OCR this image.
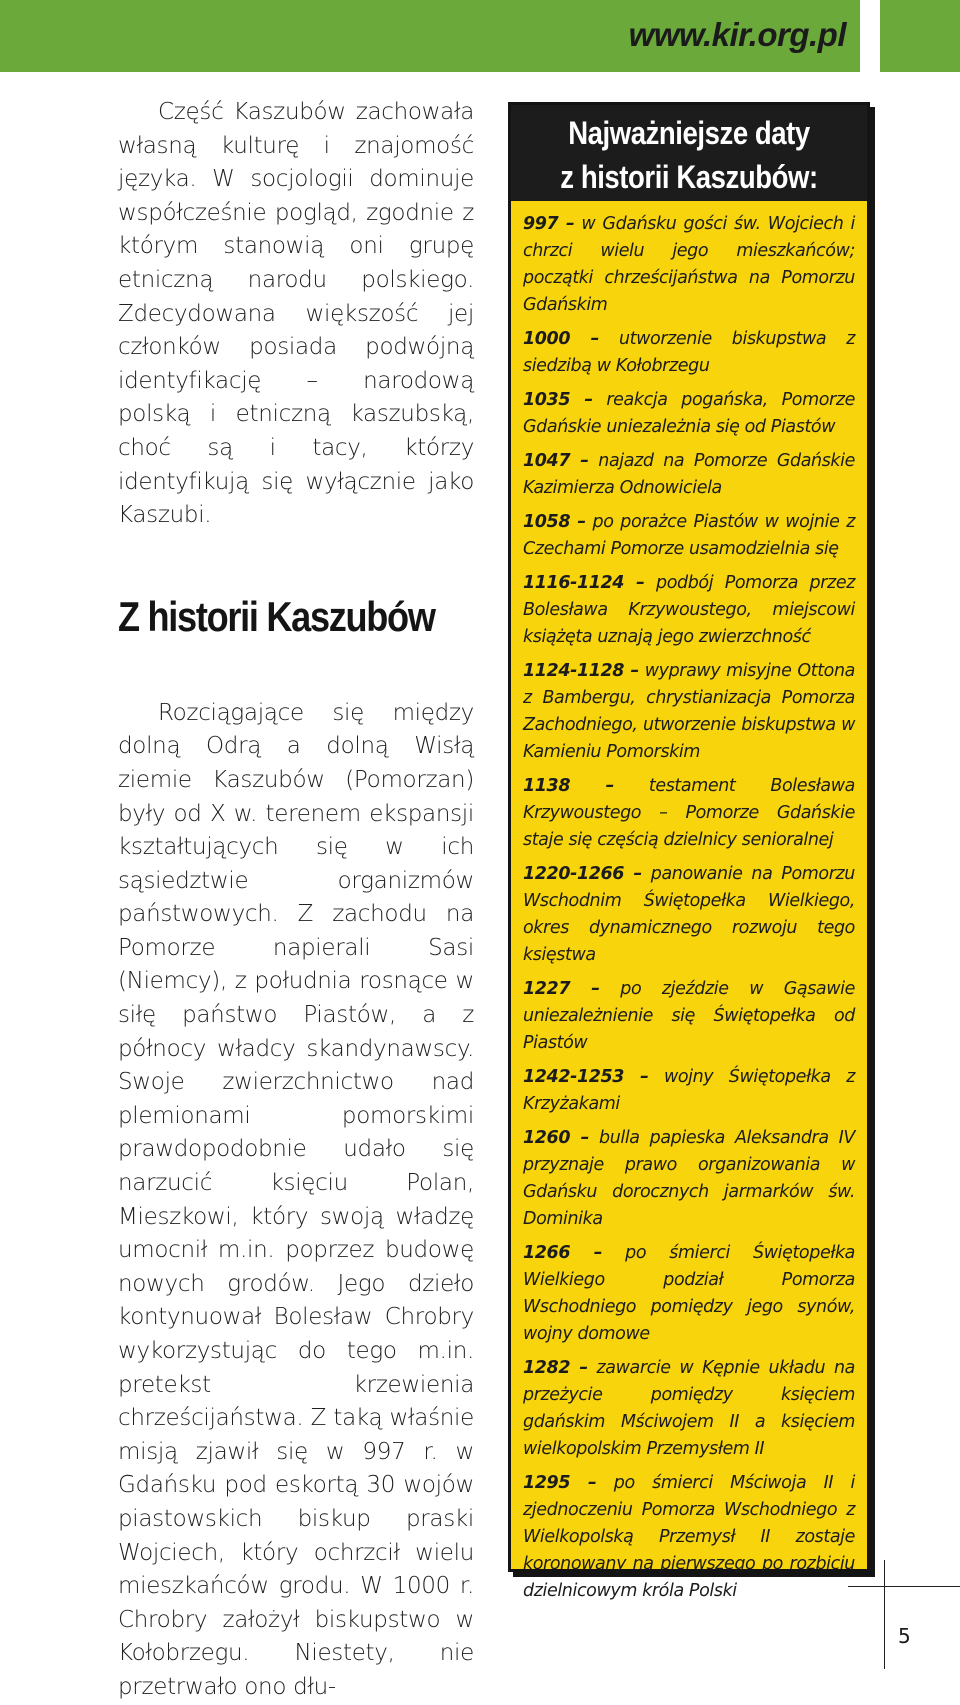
www.kir.org.pl

Część Kaszubów zachowała własną kulturę i znajomość języka. W socjologii dominuje współcześnie pogląd, zgodnie z którym stanowią oni grupę etniczną narodu polskiego. Zdecydowana większość jej członków posiada podwójną identyfikację – narodową polską i etniczną kaszubską, choć są i tacy, którzy identyfikują się wyłącznie jako Kaszubi.

Z historii Kaszubów

Rozciągające się między dolną Odrą a dolną Wisłą ziemie Kaszubów (Pomorzan) były od X w. terenem ekspansji kształtujących się w ich sąsiedztwie organizmów państwowych. Z zachodu na Pomorze napierali Sasi (Niemcy), z południa rosnące w siłę państwo Piastów, a z północy władcy skandynawscy. Swoje zwierzchnictwo nad plemionami pomorskimi prawdopodobnie udało się narzucić księciu Polan, Mieszkowi, który swoją władzę umocnił m.in. poprzez budowę nowych grodów. Jego dzieło kontynuował Bolesław Chrobry wykorzystując do tego m.in. pretekst krzewienia chrześcijaństwa. Z taką właśnie misją zjawił się w 997 r. w Gdańsku pod eskortą 30 wojów piastowskich biskup praski Wojciech, który ochrzcił wielu mieszkańców grodu. W 1000 r. Chrobry założył biskupstwo w Kołobrzegu. Niestety, nie przetrwało ono dłu-

Najważniejsze daty
z historii Kaszubów:
997 – w Gdańsku gości św. Wojciech i chrzci wielu jego mieszkańców; początki chrześcijaństwa na Pomorzu Gdańskim
1000 – utworzenie biskupstwa z siedzibą w Kołobrzegu
1035 – reakcja pogańska, Pomorze Gdańskie uniezależnia się od Piastów
1047 – najazd na Pomorze Gdańskie Kazimierza Odnowiciela
1058 – po porażce Piastów w wojnie z Czechami Pomorze usamodzielnia się
1116-1124 – podbój Pomorza przez Bolesława Krzywoustego, miejscowi książęta uznają jego zwierzchność
1124-1128 – wyprawy misyjne Ottona z Bambergu, chrystianizacja Pomorza Zachodniego, utworzenie biskupstwa w Kamieniu Pomorskim
1138 – testament Bolesława Krzywoustego – Pomorze Gdańskie staje się częścią dzielnicy senioralnej
1220-1266 – panowanie na Pomorzu Wschodnim Świętopełka Wielkiego, okres dynamicznego rozwoju tego księstwa
1227 – po zjeździe w Gąsawie uniezależnienie się Świętopełka od Piastów
1242-1253 – wojny Świętopełka z Krzyżakami
1260 – bulla papieska Aleksandra IV przyznaje prawo organizowania w Gdańsku dorocznych jarmarków św. Dominika
1266 – po śmierci Świętopełka Wielkiego podział Pomorza Wschodniego pomiędzy jego synów, wojny domowe
1282 – zawarcie w Kępnie układu na przeżycie pomiędzy księciem gdańskim Mściwojem II a księciem wielkopolskim Przemysłem II
1295 – po śmierci Mściwoja II i zjednoczeniu Pomorza Wschodniego z Wielkopolską Przemysł II zostaje koronowany na pierwszego po rozbiciu dzielnicowym króla Polski
5
